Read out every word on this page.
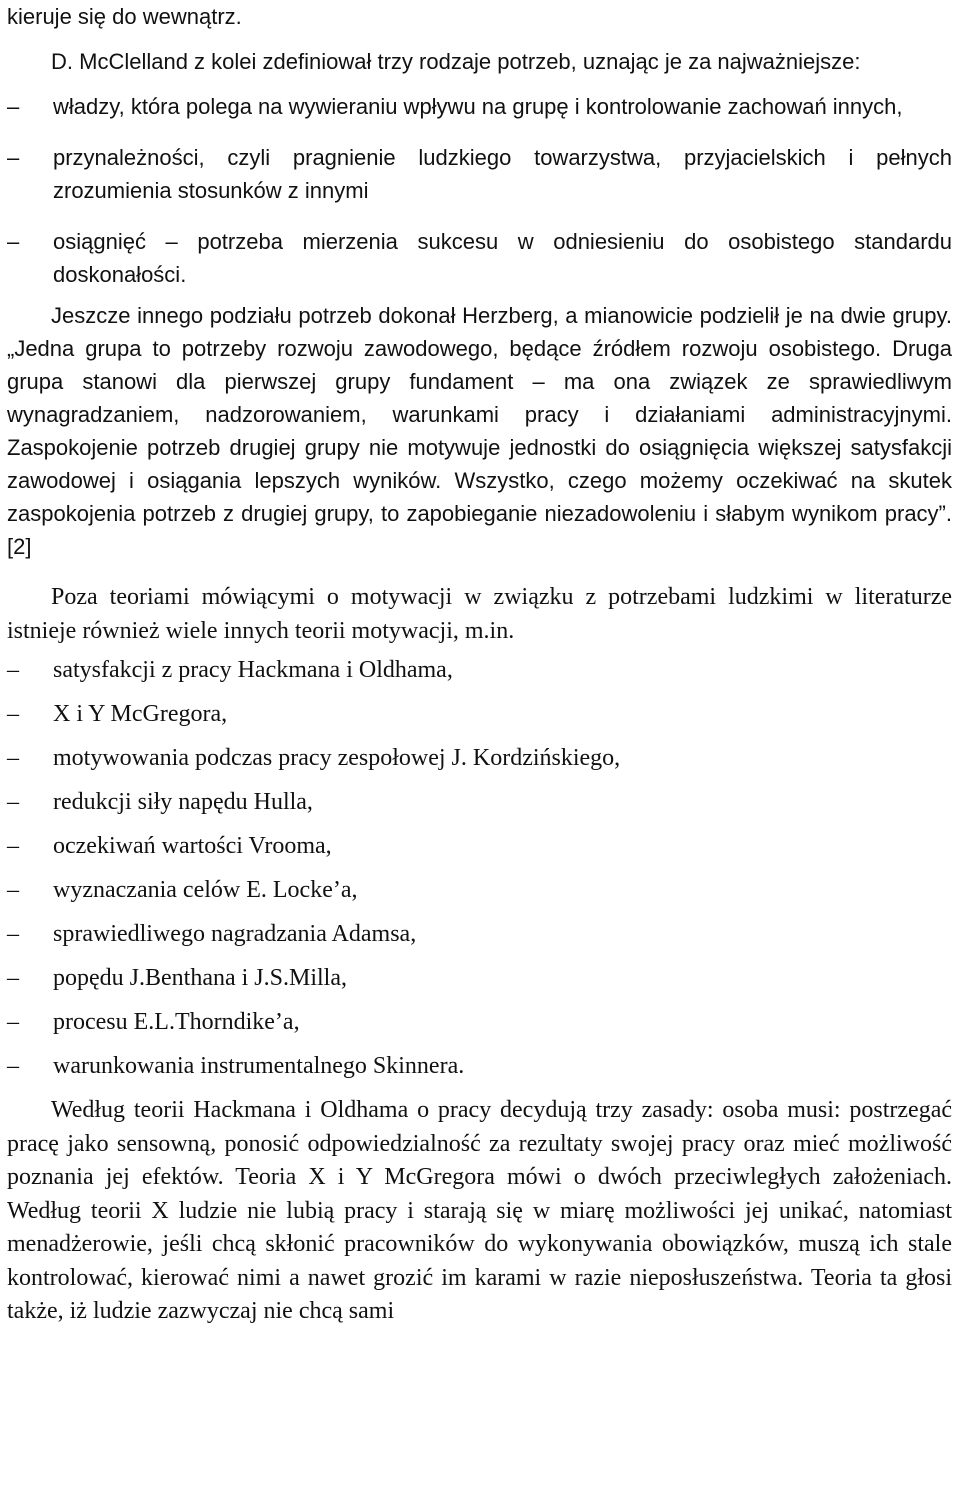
kieruje się do wewnątrz.

D. McClelland z kolei zdefiniował trzy rodzaje potrzeb, uznając je za najważniejsze:

– władzy, która polega na wywieraniu wpływu na grupę i kontrolowanie zachowań innych,
– przynależności, czyli pragnienie ludzkiego towarzystwa, przyjacielskich i pełnych zrozumienia stosunków z innymi
– osiągnięć – potrzeba mierzenia sukcesu w odniesieniu do osobistego standardu doskonałości.

Jeszcze innego podziału potrzeb dokonał Herzberg, a mianowicie podzielił je na dwie grupy. „Jedna grupa to potrzeby rozwoju zawodowego, będące źródłem rozwoju osobistego. Druga grupa stanowi dla pierwszej grupy fundament – ma ona związek ze sprawiedliwym wynagradzaniem, nadzorowaniem, warunkami pracy i działaniami administracyjnymi. Zaspokojenie potrzeb drugiej grupy nie motywuje jednostki do osiągnięcia większej satysfakcji zawodowej i osiągania lepszych wyników. Wszystko, czego możemy oczekiwać na skutek zaspokojenia potrzeb z drugiej grupy, to zapobieganie niezadowoleniu i słabym wynikom pracy”.[2]

Poza teoriami mówiącymi o motywacji w związku z potrzebami ludzkimi w literaturze istnieje również wiele innych teorii motywacji, m.in.

– satysfakcji z pracy Hackmana i Oldhama,
– X i Y McGregora,
– motywowania podczas pracy zespołowej J. Kordzińskiego,
– redukcji siły napędu Hulla,
– oczekiwań wartości Vrooma,
– wyznaczania celów E. Locke’a,
– sprawiedliwego nagradzania Adamsa,
– popędu J.Benthana i J.S.Milla,
– procesu E.L.Thorndike’a,
– warunkowania instrumentalnego Skinnera.

Według teorii Hackmana i Oldhama o pracy decydują trzy zasady: osoba musi: postrzegać pracę jako sensowną, ponosić odpowiedzialność za rezultaty swojej pracy oraz mieć możliwość poznania jej efektów. Teoria X i Y McGregora mówi o dwóch przeciwległych założeniach. Według teorii X ludzie nie lubią pracy i starają się w miarę możliwości jej unikać, natomiast menadżerowie, jeśli chcą skłonić pracowników do wykonywania obowiązków, muszą ich stale kontrolować, kierować nimi a nawet grozić im karami w razie nieposłuszeństwa. Teoria ta głosi także, iż ludzie zazwyczaj nie chcą sami
